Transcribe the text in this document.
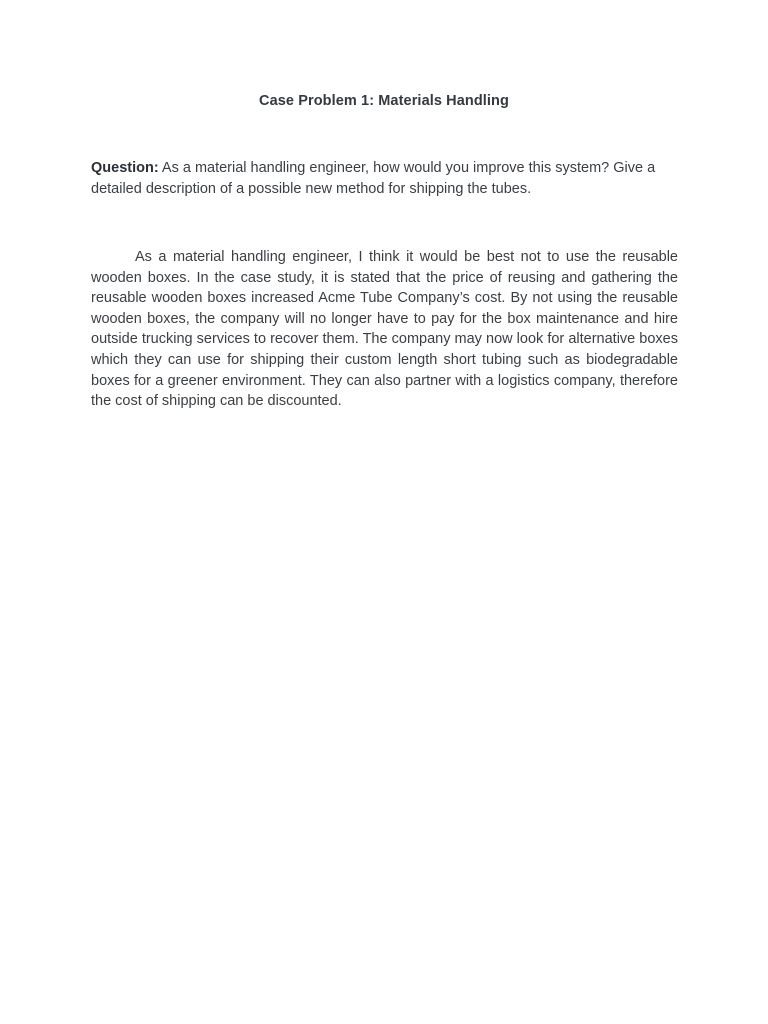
Case Problem 1: Materials Handling
Question: As a material handling engineer, how would you improve this system? Give a detailed description of a possible new method for shipping the tubes.
As a material handling engineer, I think it would be best not to use the reusable wooden boxes. In the case study, it is stated that the price of reusing and gathering the reusable wooden boxes increased Acme Tube Company’s cost. By not using the reusable wooden boxes, the company will no longer have to pay for the box maintenance and hire outside trucking services to recover them. The company may now look for alternative boxes which they can use for shipping their custom length short tubing such as biodegradable boxes for a greener environment. They can also partner with a logistics company, therefore the cost of shipping can be discounted.
